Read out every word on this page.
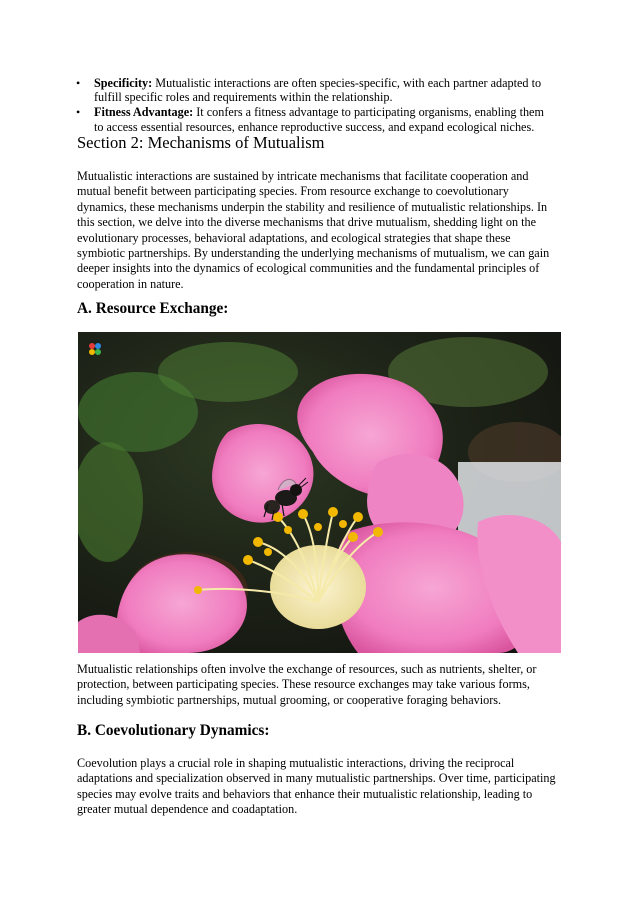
• Specificity: Mutualistic interactions are often species-specific, with each partner adapted to fulfill specific roles and requirements within the relationship.
• Fitness Advantage: It confers a fitness advantage to participating organisms, enabling them to access essential resources, enhance reproductive success, and expand ecological niches.
Section 2: Mechanisms of Mutualism

Mutualistic interactions are sustained by intricate mechanisms that facilitate cooperation and mutual benefit between participating species. From resource exchange to coevolutionary dynamics, these mechanisms underpin the stability and resilience of mutualistic relationships. In this section, we delve into the diverse mechanisms that drive mutualism, shedding light on the evolutionary processes, behavioral adaptations, and ecological strategies that shape these symbiotic partnerships. By understanding the underlying mechanisms of mutualism, we can gain deeper insights into the dynamics of ecological communities and the fundamental principles of cooperation in nature.

A. Resource Exchange:

Mutualistic relationships often involve the exchange of resources, such as nutrients, shelter, or protection, between participating species. These resource exchanges may take various forms, including symbiotic partnerships, mutual grooming, or cooperative foraging behaviors.

B. Coevolutionary Dynamics:

Coevolution plays a crucial role in shaping mutualistic interactions, driving the reciprocal adaptations and specialization observed in many mutualistic partnerships. Over time, participating species may evolve traits and behaviors that enhance their mutualistic relationship, leading to greater mutual dependence and coadaptation.
